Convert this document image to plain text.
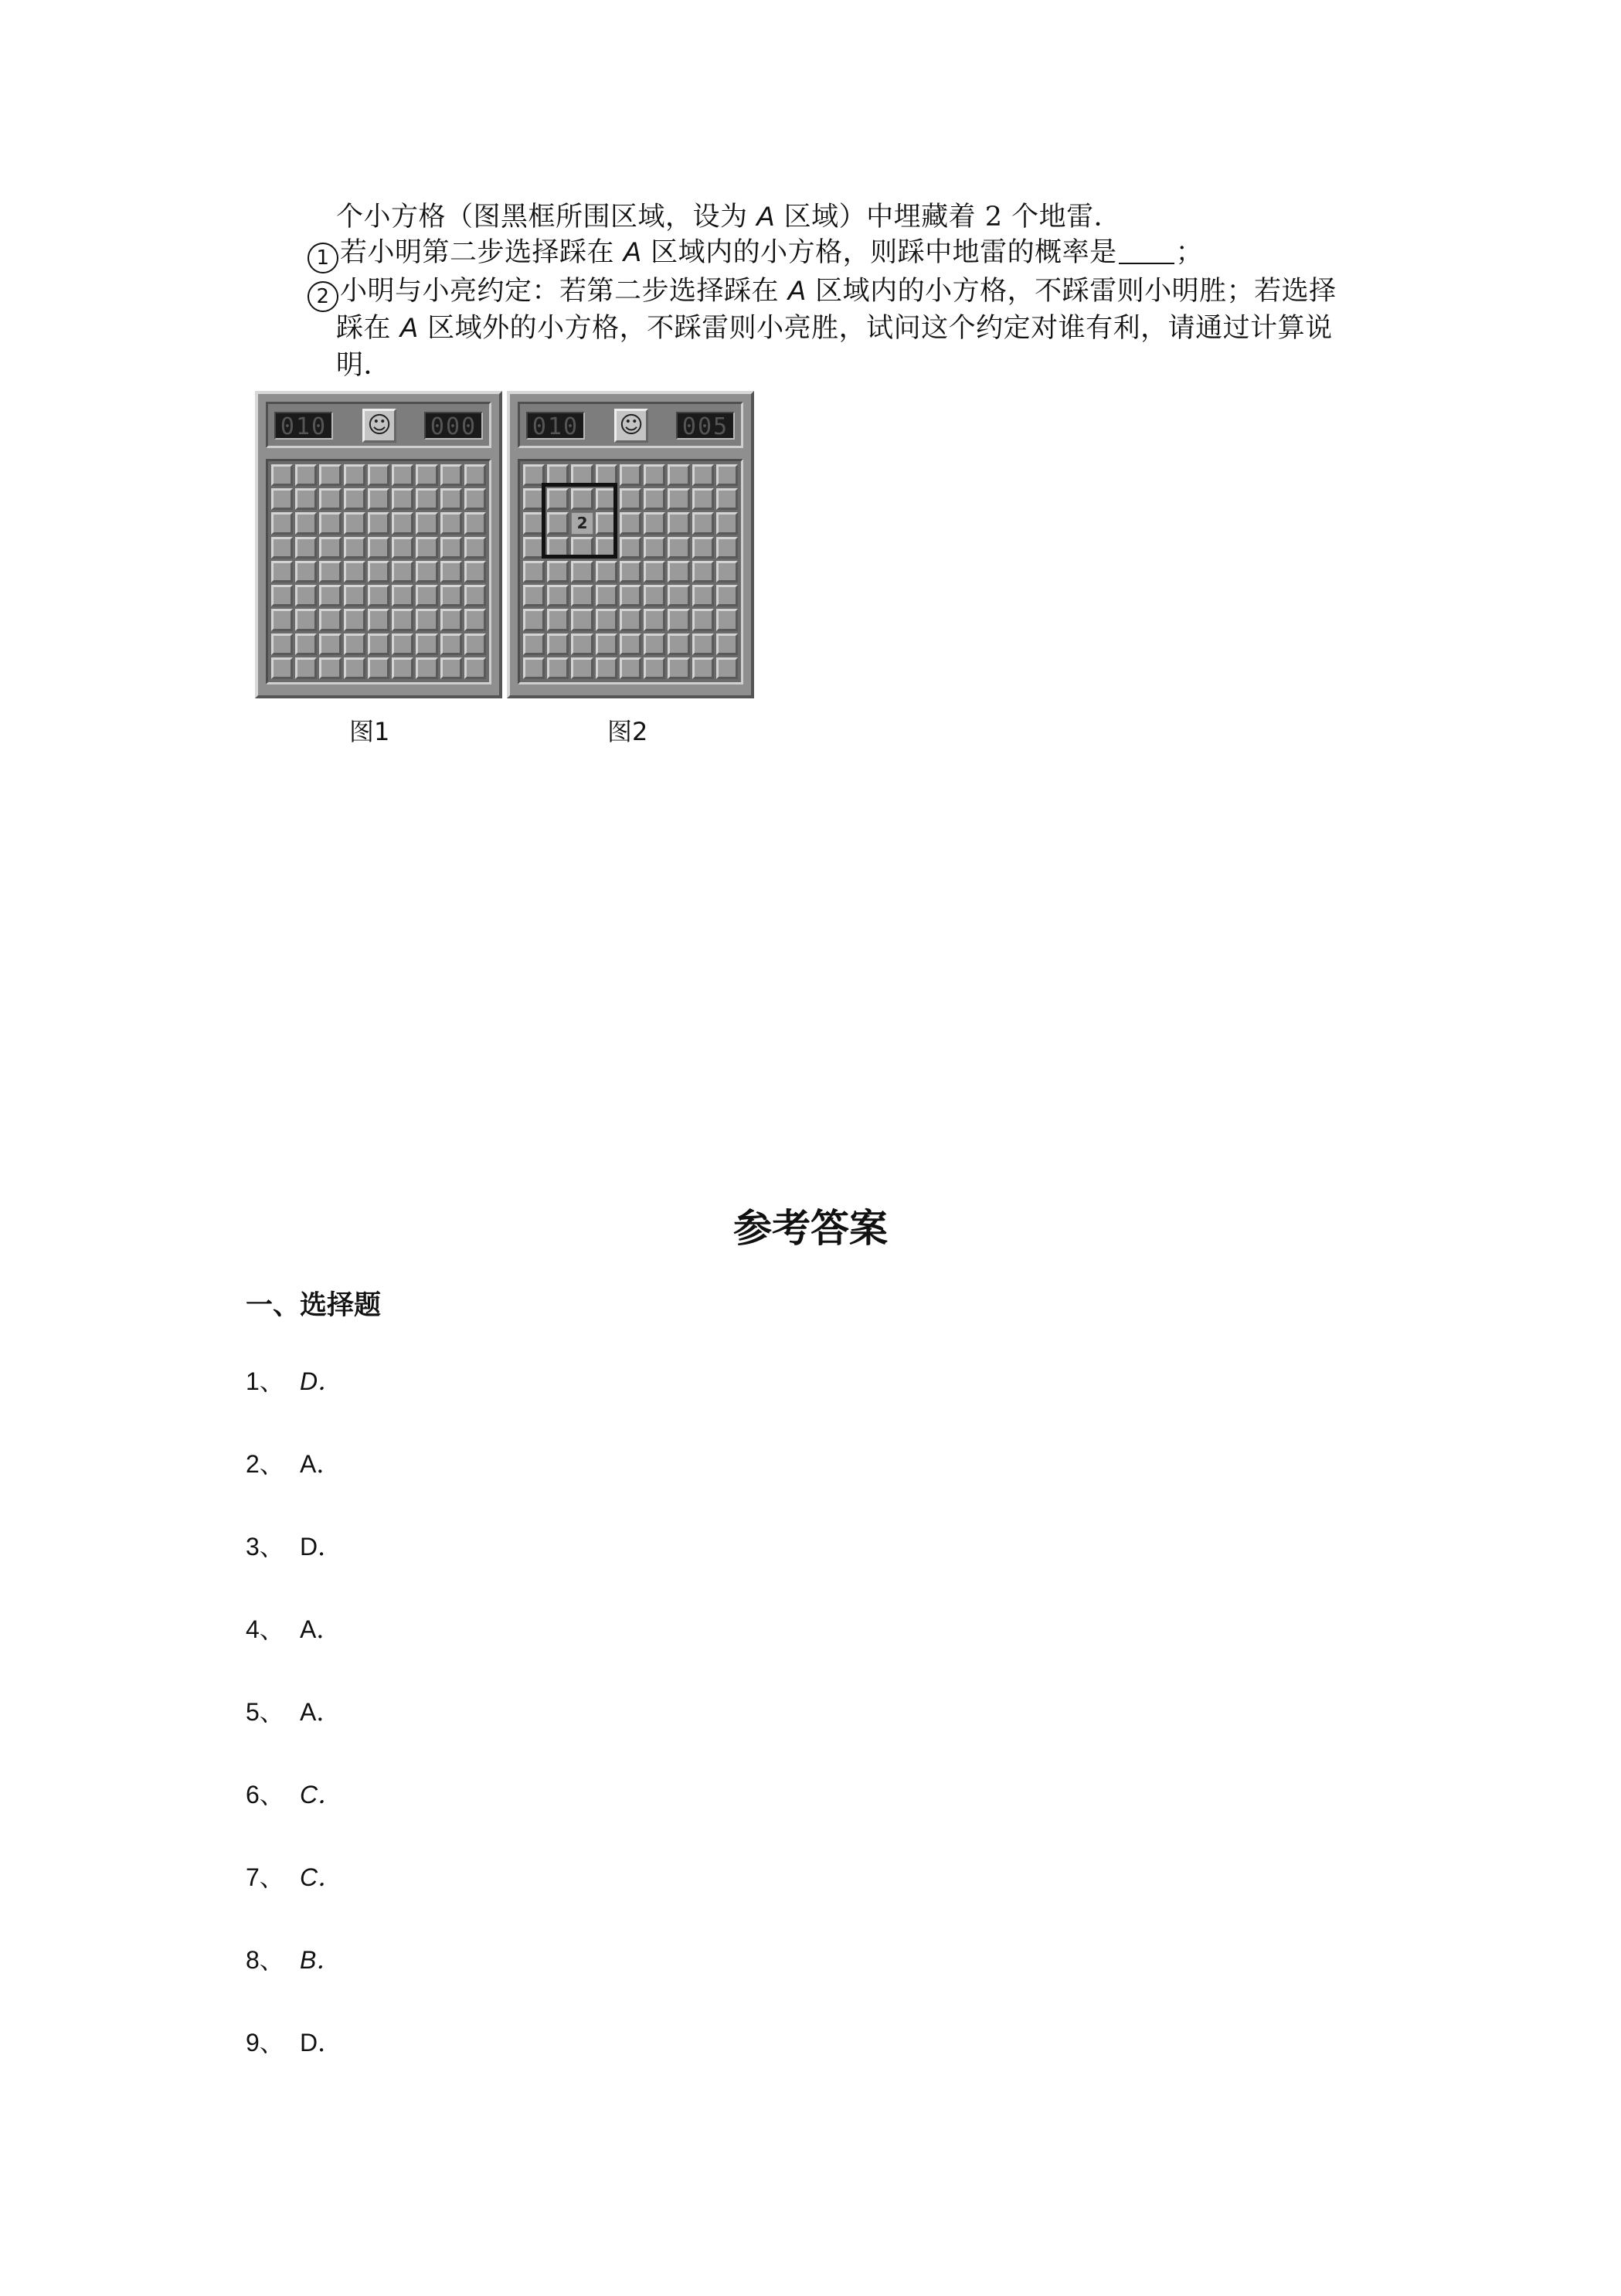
个小方格（图黑框所围区域，设为 A 区域）中埋藏着 2 个地雷．
1 若小明第二步选择踩在 A 区域内的小方格，则踩中地雷的概率是 ；
2 小明与小亮约定：若第二步选择踩在 A 区域内的小方格，不踩雷则小明胜；若选择
踩在 A 区域外的小方格，不踩雷则小亮胜，试问这个约定对谁有利，请通过计算说
明．
010 ☺ 000
图1
010 ☺ 005
2
图2
参考答案
一、选择题
1、 D．
2、 A．
3、 D．
4、 A．
5、 A．
6、 C．
7、 C．
8、 B．
9、 D．
